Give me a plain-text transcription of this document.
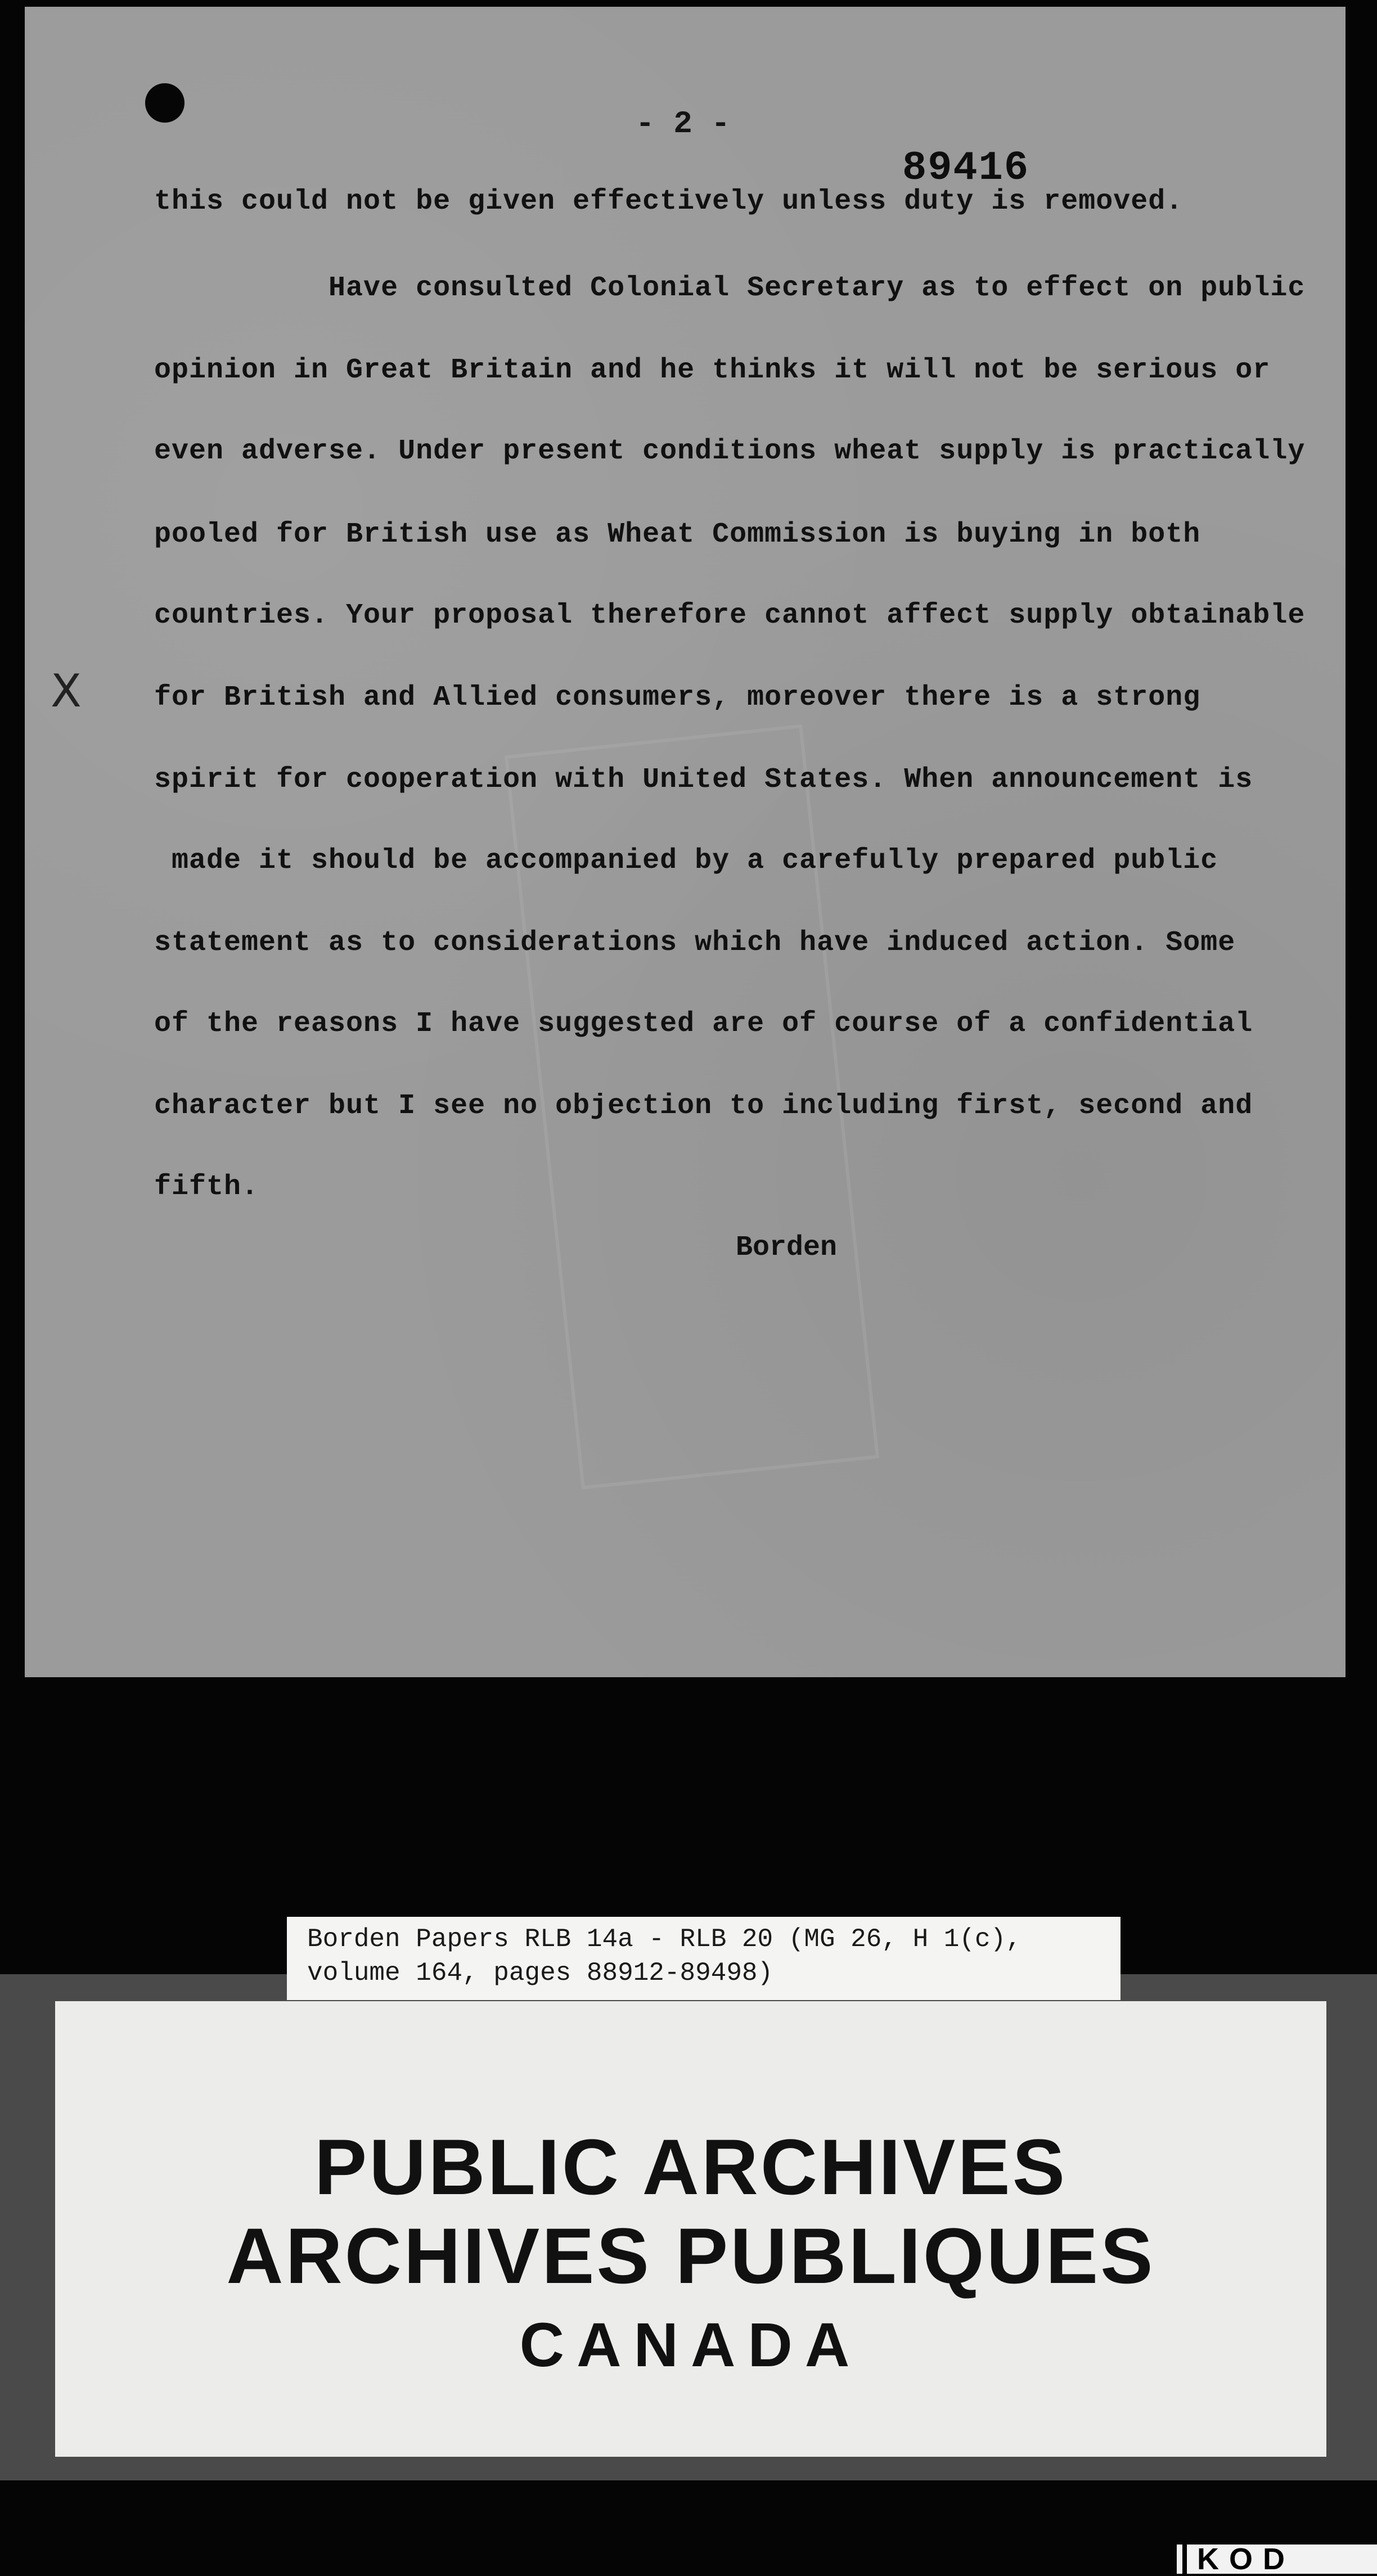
- 2 -
89416
this could not be given effectively unless duty is removed.
Have consulted Colonial Secretary as to effect on public
opinion in Great Britain and he thinks it will not be serious or
even adverse. Under present conditions wheat supply is practically
pooled for British use as Wheat Commission is buying in both
countries. Your proposal therefore cannot affect supply obtainable
for British and Allied consumers, moreover there is a strong
spirit for cooperation with United States. When announcement is
made it should be accompanied by a carefully prepared public
statement as to considerations which have induced action. Some
of the reasons I have suggested are of course of a confidential
character but I see no objection to including first, second and
fifth.
Borden
X
Borden Papers RLB 14a - RLB 20 (MG 26, H 1(c),
volume 164, pages 88912-89498)
PUBLIC ARCHIVES
ARCHIVES PUBLIQUES
CANADA
K O D
